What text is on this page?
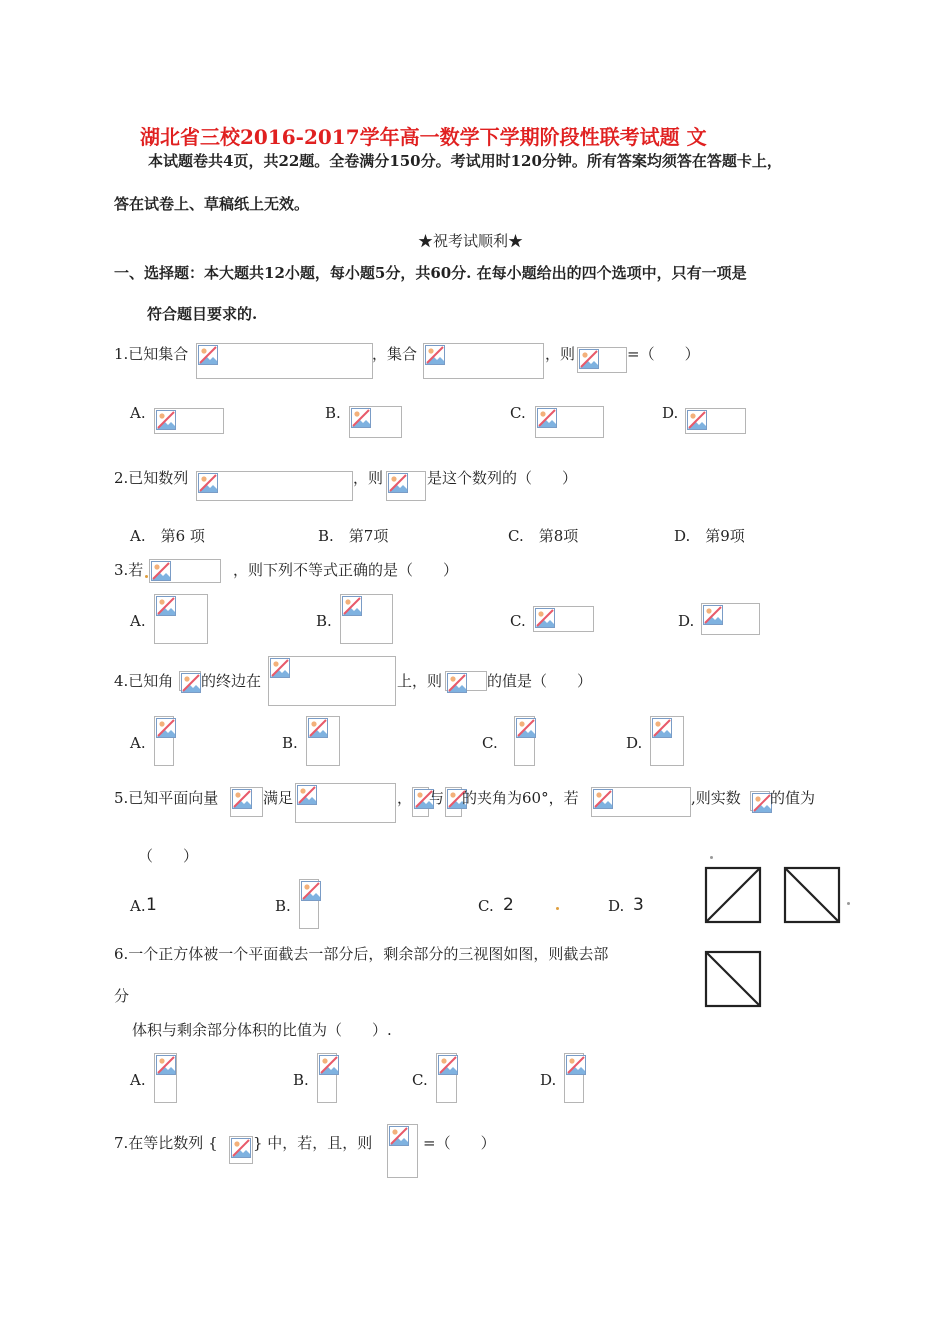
湖北省三校2016-2017学年高一数学下学期阶段性联考试题 文
本试题卷共4页，共22题。全卷满分150分。考试用时120分钟。所有答案均须答在答题卡上，
答在试卷上、草稿纸上无效。
★祝考试顺利★
一、选择题：本大题共12小题，每小题5分，共60分. 在每小题给出的四个选项中，只有一项是
符合题目要求的.
1.已知集合	，集合	，则	=（　　）
A.	B.	C.	D.
2.已知数列	，则	是这个数列的（　　）
A.　第6 项	B.　第7项	C.　第8项	D.　第9项
3.若	，则下列不等式正确的是（　　）
A.	B.	C.	D.
4.已知角 的终边在	上，则	的值是（　　）
A.	B.	C.	D.
5.已知平面向量	满足	， 与 的夹角为60°，若	,则实数 的值为
（　　）
A. 1	B.	C. 2	D. 3
6.一个正方体被一个平面截去一部分后，剩余部分的三视图如图，则截去部
分
体积与剩余部分体积的比值为（　　）.
A.	B.	C.	D.
7.在等比数列 { } 中，若，且，则	=（　　）
